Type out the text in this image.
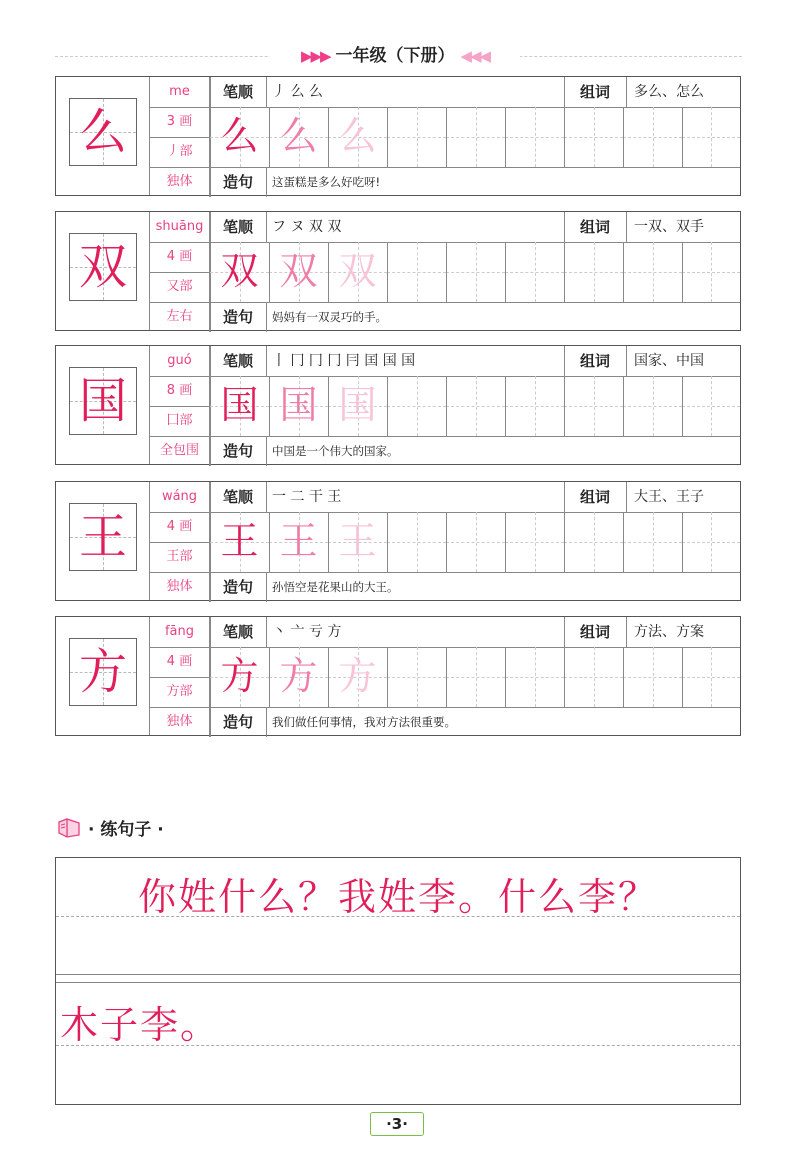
▶▶▶ 一年级（下册） ◀◀◀
么
me
3 画
丿部
独体
笔顺	丿 么 么	组词	多么、怎么
么 么 么
造句	这蛋糕是多么好吃呀!
双
shuāng
4 画
又部
左右
笔顺	フ ヌ 双 双	组词	一双、双手
双 双 双
造句	妈妈有一双灵巧的手。
国
guó
8 画
囗部
全包围
笔顺	丨 冂 冂 冂 冃 囯 国 国	组词	国家、中国
国 国 国
造句	中国是一个伟大的国家。
王
wáng
4 画
王部
独体
笔顺	一 二 干 王	组词	大王、王子
王 王 王
造句	孙悟空是花果山的大王。
方
fāng
4 画
方部
独体
笔顺	丶 亠 亏 方	组词	方法、方案
方 方 方
造句	我们做任何事情，我对方法很重要。
· 练句子 ·
你姓什么？我姓李。什么李？
木子李。
·3·
